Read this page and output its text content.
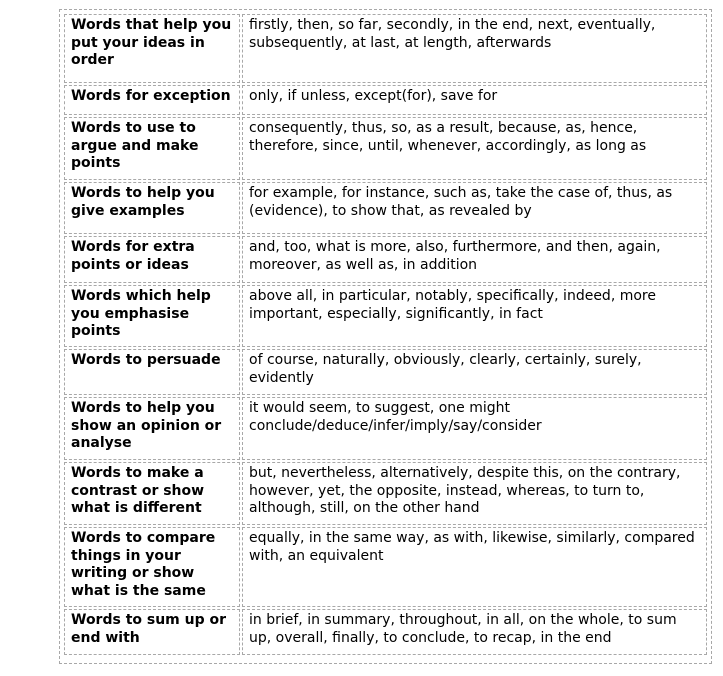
Words that help you put your ideas in order	firstly, then, so far, secondly, in the end, next, eventually, subsequently, at last, at length, afterwards
Words for exception	only, if unless, except(for), save for
Words to use to argue and make points	consequently, thus, so, as a result, because, as, hence, therefore, since, until, whenever, accordingly, as long as
Words to help you give examples	for example, for instance, such as, take the case of, thus, as (evidence), to show that, as revealed by
Words for extra points or ideas	and, too, what is more, also, furthermore, and then, again, moreover, as well as, in addition
Words which help you emphasise points	above all, in particular, notably, specifically, indeed, more important, especially, significantly, in fact
Words to persuade	of course, naturally, obviously, clearly, certainly, surely, evidently
Words to help you show an opinion or analyse	it would seem, to suggest, one might conclude/deduce/infer/imply/say/consider
Words to make a contrast or show what is different	but, nevertheless, alternatively, despite this, on the contrary, however, yet, the opposite, instead, whereas, to turn to, although, still, on the other hand
Words to compare things in your writing or show what is the same	equally, in the same way, as with, likewise, similarly, compared with, an equivalent
Words to sum up or end with	in brief, in summary, throughout, in all, on the whole, to sum up, overall, finally, to conclude, to recap, in the end
